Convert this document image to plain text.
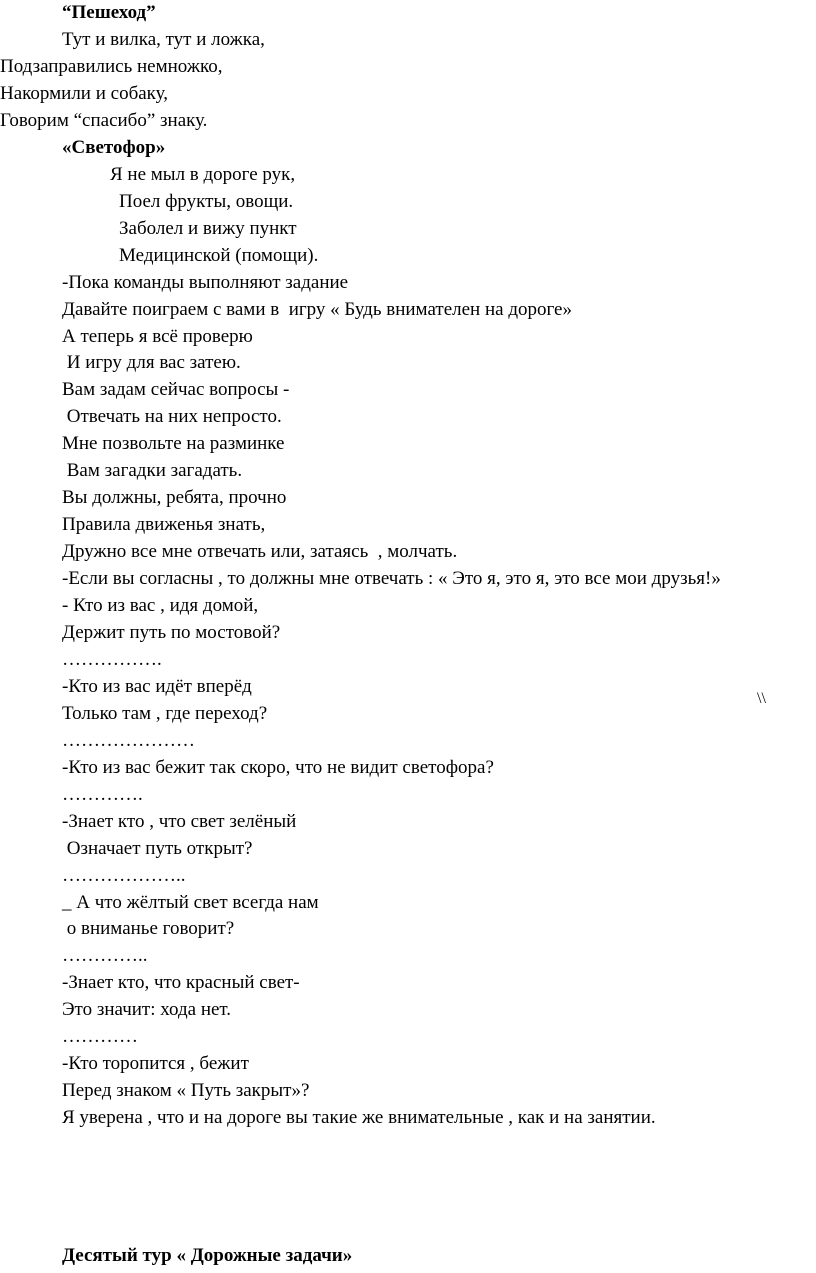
“Пешеход”

Тут и вилка, тут и ложка,

Подзаправились немножко,

Накормили и собаку,

Говорим “спасибо” знаку.

«Светофор»

Я не мыл в дороге рук,

Поел фрукты, овощи.

Заболел и вижу пункт

Медицинской (помощи).

-Пока команды выполняют задание

Давайте поиграем с вами в  игру « Будь внимателен на дороге»

А теперь я всё проверю

И игру для вас затею.

Вам задам сейчас вопросы -

Отвечать на них непросто.

Мне позвольте на разминке

Вам загадки загадать.

Вы должны, ребята, прочно

Правила движенья знать,

Дружно все мне отвечать или, затаясь  , молчать.

-Если вы согласны , то должны мне отвечать : « Это я, это я, это все мои друзья!»

- Кто из вас , идя домой,

Держит путь по мостовой?

…………….

-Кто из вас идёт вперёд

Только там , где переход?

…………………

-Кто из вас бежит так скоро, что не видит светофора?

………….

-Знает кто , что свет зелёный

Означает путь открыт?

………………..

_ А что жёлтый свет всегда нам

о вниманье говорит?

…………..

-Знает кто, что красный свет-

Это значит: хода нет.

…………

-Кто торопится , бежит

Перед знаком « Путь закрыт»?

Я уверена , что и на дороге вы такие же внимательные , как и на занятии.

\\

Десятый тур « Дорожные задачи»
